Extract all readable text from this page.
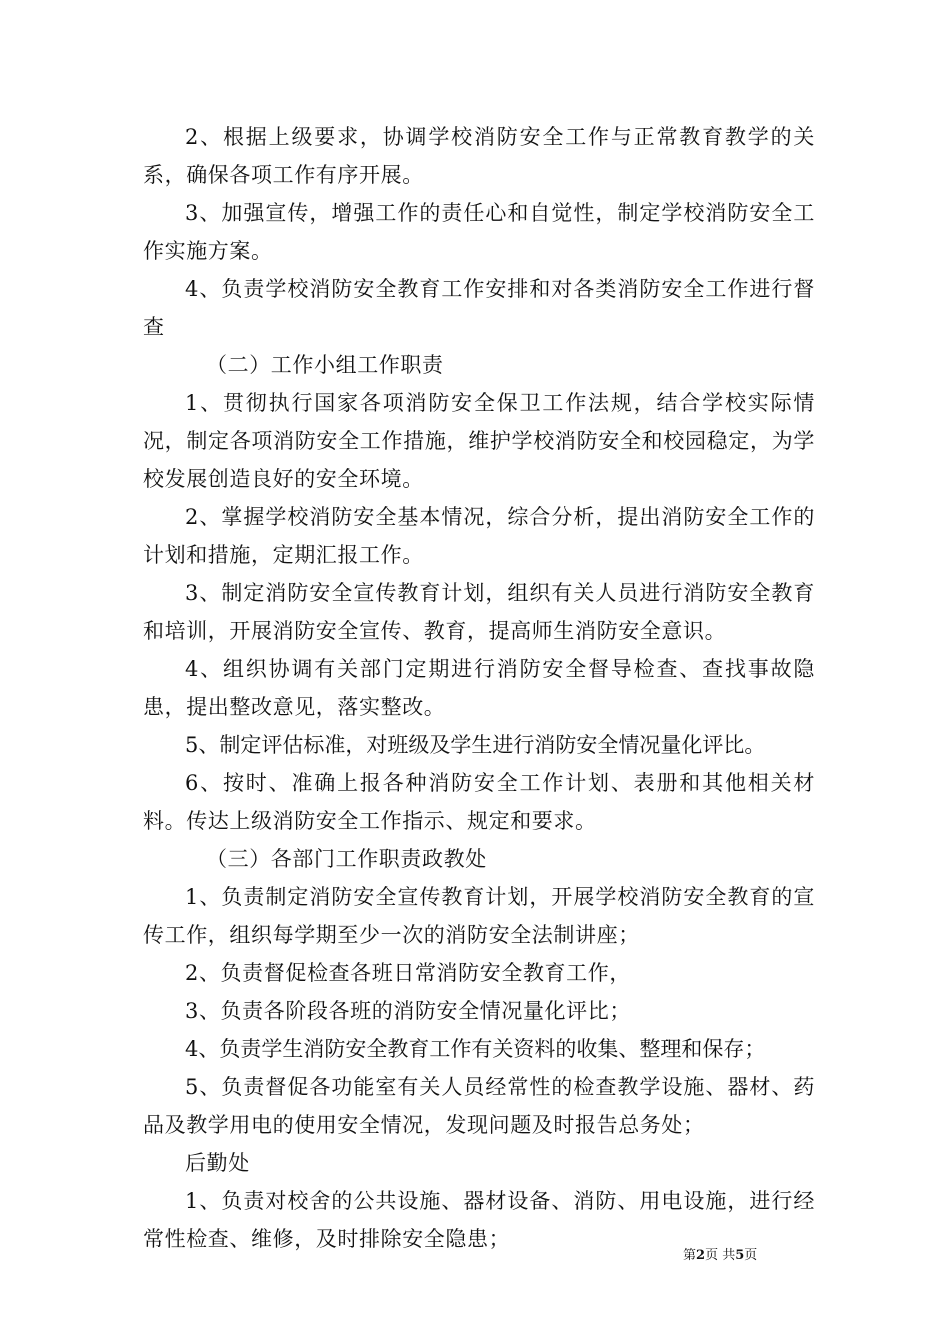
2、根据上级要求，协调学校消防安全工作与正常教育教学的关系，确保各项工作有序开展。

3、加强宣传，增强工作的责任心和自觉性，制定学校消防安全工作实施方案。

4、负责学校消防安全教育工作安排和对各类消防安全工作进行督查

（二）工作小组工作职责

1、贯彻执行国家各项消防安全保卫工作法规，结合学校实际情况，制定各项消防安全工作措施，维护学校消防安全和校园稳定，为学校发展创造良好的安全环境。

2、掌握学校消防安全基本情况，综合分析，提出消防安全工作的计划和措施，定期汇报工作。

3、制定消防安全宣传教育计划，组织有关人员进行消防安全教育和培训，开展消防安全宣传、教育，提高师生消防安全意识。

4、组织协调有关部门定期进行消防安全督导检查、查找事故隐患，提出整改意见，落实整改。

5、制定评估标准，对班级及学生进行消防安全情况量化评比。

6、按时、准确上报各种消防安全工作计划、表册和其他相关材料。传达上级消防安全工作指示、规定和要求。

（三）各部门工作职责政教处

1、负责制定消防安全宣传教育计划，开展学校消防安全教育的宣传工作，组织每学期至少一次的消防安全法制讲座；

2、负责督促检查各班日常消防安全教育工作，

3、负责各阶段各班的消防安全情况量化评比；

4、负责学生消防安全教育工作有关资料的收集、整理和保存；

5、负责督促各功能室有关人员经常性的检查教学设施、器材、药品及教学用电的使用安全情况，发现问题及时报告总务处；

后勤处

1、负责对校舍的公共设施、器材设备、消防、用电设施，进行经常性检查、维修，及时排除安全隐患；

第2页 共5页
